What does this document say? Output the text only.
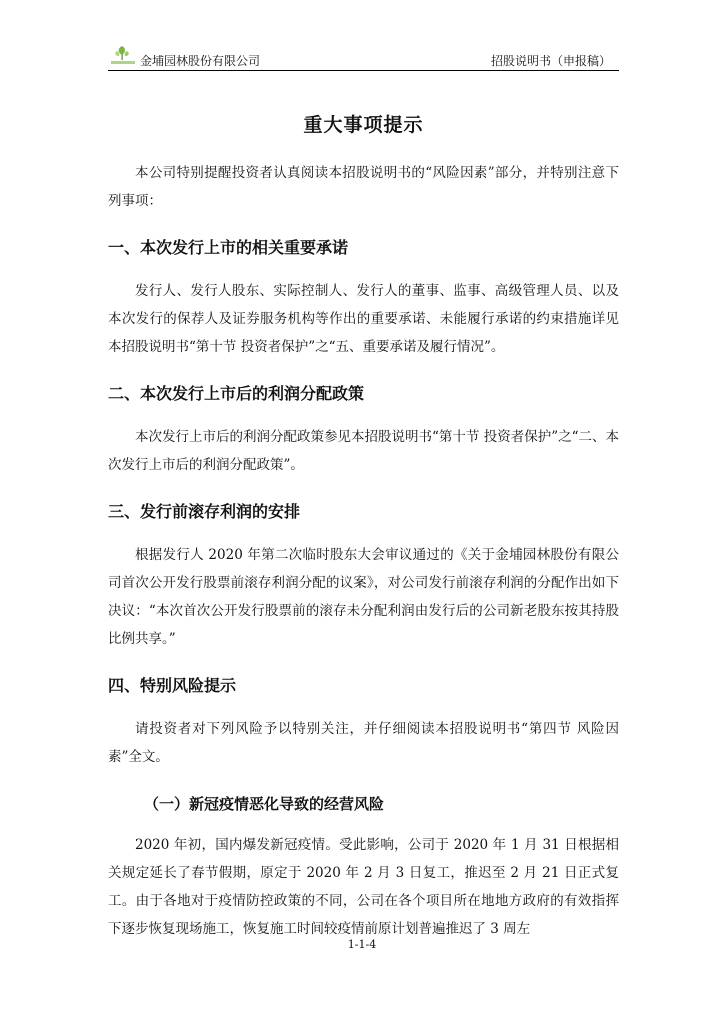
金埔园林股份有限公司	招股说明书（申报稿）
重大事项提示

本公司特别提醒投资者认真阅读本招股说明书的“风险因素”部分，并特别注意下列事项：

一、本次发行上市的相关重要承诺

发行人、发行人股东、实际控制人、发行人的董事、监事、高级管理人员、以及本次发行的保荐人及证券服务机构等作出的重要承诺、未能履行承诺的约束措施详见本招股说明书“第十节 投资者保护”之“五、重要承诺及履行情况”。

二、本次发行上市后的利润分配政策

本次发行上市后的利润分配政策参见本招股说明书“第十节 投资者保护”之“二、本次发行上市后的利润分配政策”。

三、发行前滚存利润的安排

根据发行人 2020 年第二次临时股东大会审议通过的《关于金埔园林股份有限公司首次公开发行股票前滚存利润分配的议案》，对公司发行前滚存利润的分配作出如下决议：“本次首次公开发行股票前的滚存未分配利润由发行后的公司新老股东按其持股比例共享。”

四、特别风险提示

请投资者对下列风险予以特别关注，并仔细阅读本招股说明书“第四节 风险因素”全文。

（一）新冠疫情恶化导致的经营风险

2020 年初，国内爆发新冠疫情。受此影响，公司于 2020 年 1 月 31 日根据相关规定延长了春节假期，原定于 2020 年 2 月 3 日复工，推迟至 2 月 21 日正式复工。由于各地对于疫情防控政策的不同，公司在各个项目所在地地方政府的有效指挥下逐步恢复现场施工，恢复施工时间较疫情前原计划普遍推迟了 3 周左

1-1-4
